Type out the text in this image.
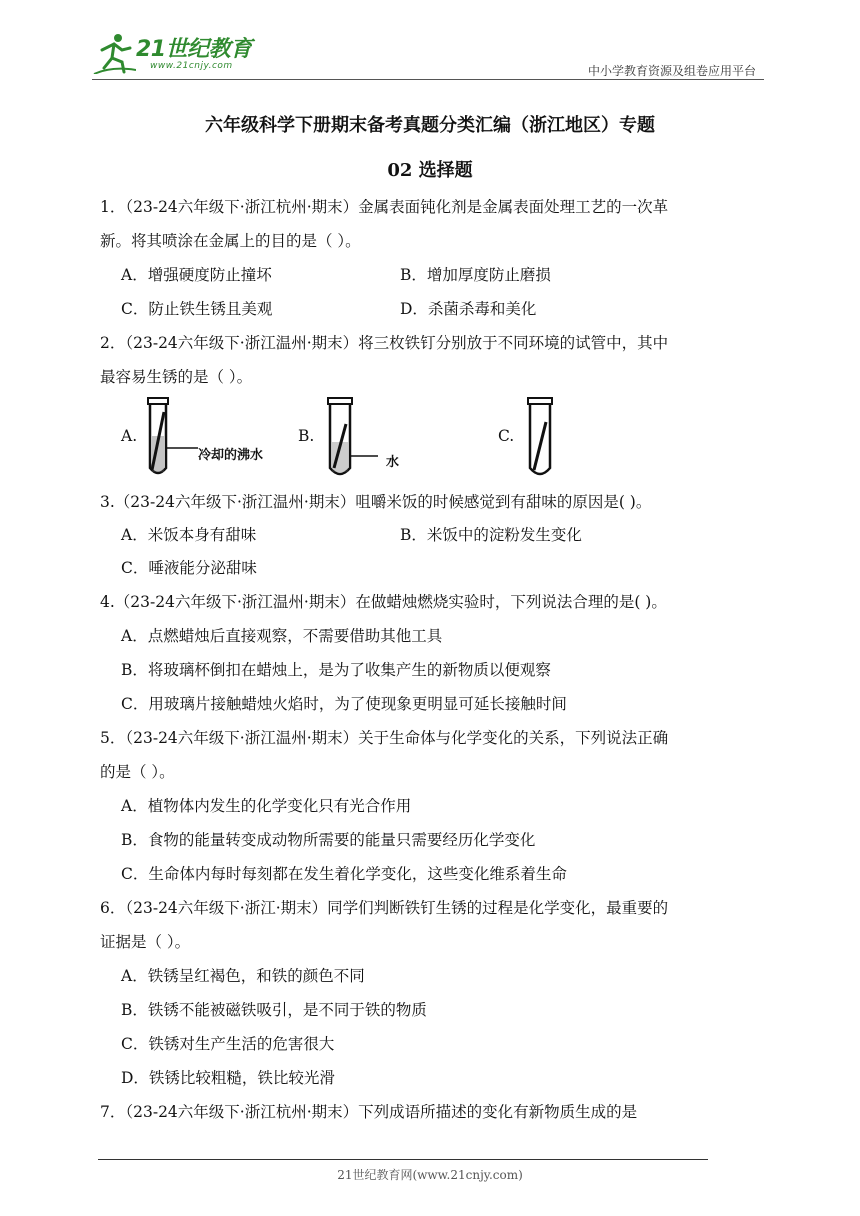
21世纪教育
www.21cnjy.com	中小学教育资源及组卷应用平台
六年级科学下册期末备考真题分类汇编（浙江地区）专题
02 选择题
1．（23-24六年级下·浙江杭州·期末）金属表面钝化剂是金属表面处理工艺的一次革
新。将其喷涂在金属上的目的是（ ）。
A．增强硬度防止撞坏	B．增加厚度防止磨损
C．防止铁生锈且美观	D．杀菌杀毒和美化
2．（23-24六年级下·浙江温州·期末）将三枚铁钉分别放于不同环境的试管中，其中
最容易生锈的是（ ）。
A.
冷却的沸水
B.
水
C.
3.（23-24六年级下·浙江温州·期末）咀嚼米饭的时候感觉到有甜味的原因是( )。
A．米饭本身有甜味	B．米饭中的淀粉发生变化
C．唾液能分泌甜味
4.（23-24六年级下·浙江温州·期末）在做蜡烛燃烧实验时，下列说法合理的是( )。
A．点燃蜡烛后直接观察，不需要借助其他工具
B．将玻璃杯倒扣在蜡烛上，是为了收集产生的新物质以便观察
C．用玻璃片接触蜡烛火焰时，为了使现象更明显可延长接触时间
5．（23-24六年级下·浙江温州·期末）关于生命体与化学变化的关系，下列说法正确
的是（ ）。
A．植物体内发生的化学变化只有光合作用
B．食物的能量转变成动物所需要的能量只需要经历化学变化
C．生命体内每时每刻都在发生着化学变化，这些变化维系着生命
6．（23-24六年级下·浙江·期末）同学们判断铁钉生锈的过程是化学变化，最重要的
证据是（ ）。
A．铁锈呈红褐色，和铁的颜色不同
B．铁锈不能被磁铁吸引，是不同于铁的物质
C．铁锈对生产生活的危害很大
D．铁锈比较粗糙，铁比较光滑
7．（23-24六年级下·浙江杭州·期末）下列成语所描述的变化有新物质生成的是
21世纪教育网(www.21cnjy.com)
